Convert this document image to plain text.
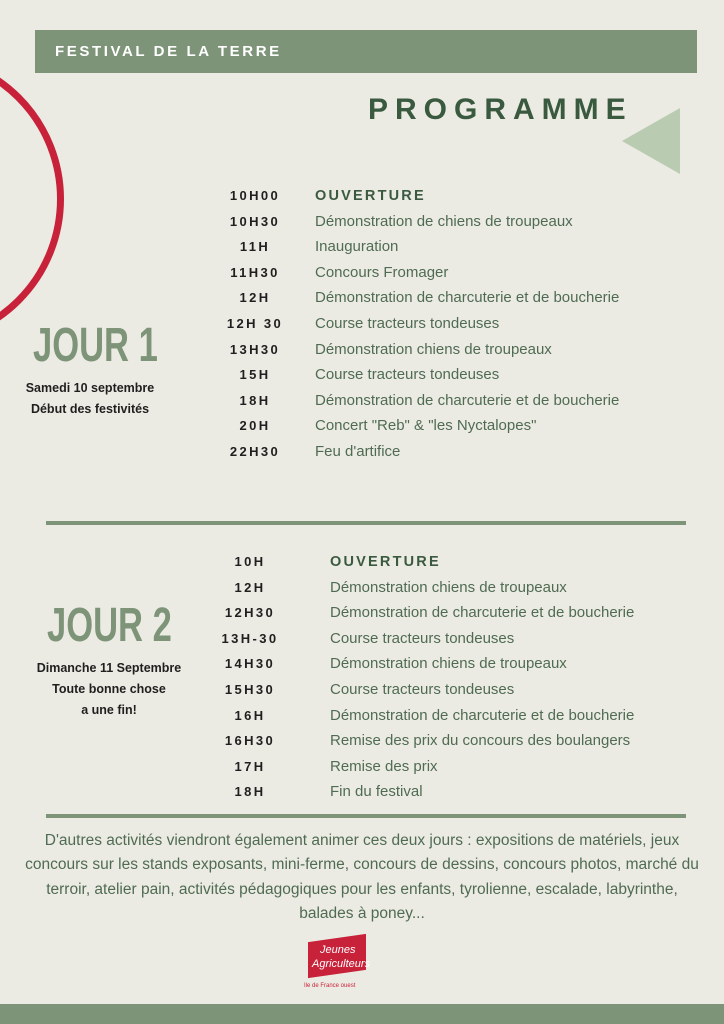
FESTIVAL DE LA TERRE
PROGRAMME
JOUR 1
Samedi 10 septembre
Début des festivités
10H00	OUVERTURE
10H30	Démonstration de chiens de troupeaux
11H	Inauguration
11H30	Concours Fromager
12H	Démonstration de charcuterie et de boucherie
12H 30	Course tracteurs tondeuses
13H30	Démonstration chiens de troupeaux
15H	Course tracteurs tondeuses
18H	Démonstration de charcuterie et de boucherie
20H	Concert "Reb" & "les Nyctalopes"
22H30	Feu d'artifice
JOUR 2
Dimanche 11 Septembre
Toute bonne chose
a une fin!
10H	OUVERTURE
12H	Démonstration chiens de troupeaux
12H30	Démonstration de charcuterie et de boucherie
13H-30	Course tracteurs tondeuses
14H30	Démonstration chiens de troupeaux
15H30	Course tracteurs tondeuses
16H	Démonstration de charcuterie et de boucherie
16H30	Remise des prix du concours des boulangers
17H	Remise des prix
18H	Fin du festival
D'autres activités viendront également animer ces deux jours : expositions de matériels, jeux concours sur les stands exposants, mini-ferme, concours de dessins, concours photos, marché du terroir, atelier pain, activités pédagogiques pour les enfants, tyrolienne, escalade, labyrinthe, balades à poney...
Jeunes
Agriculteurs
Ile de France ouest
